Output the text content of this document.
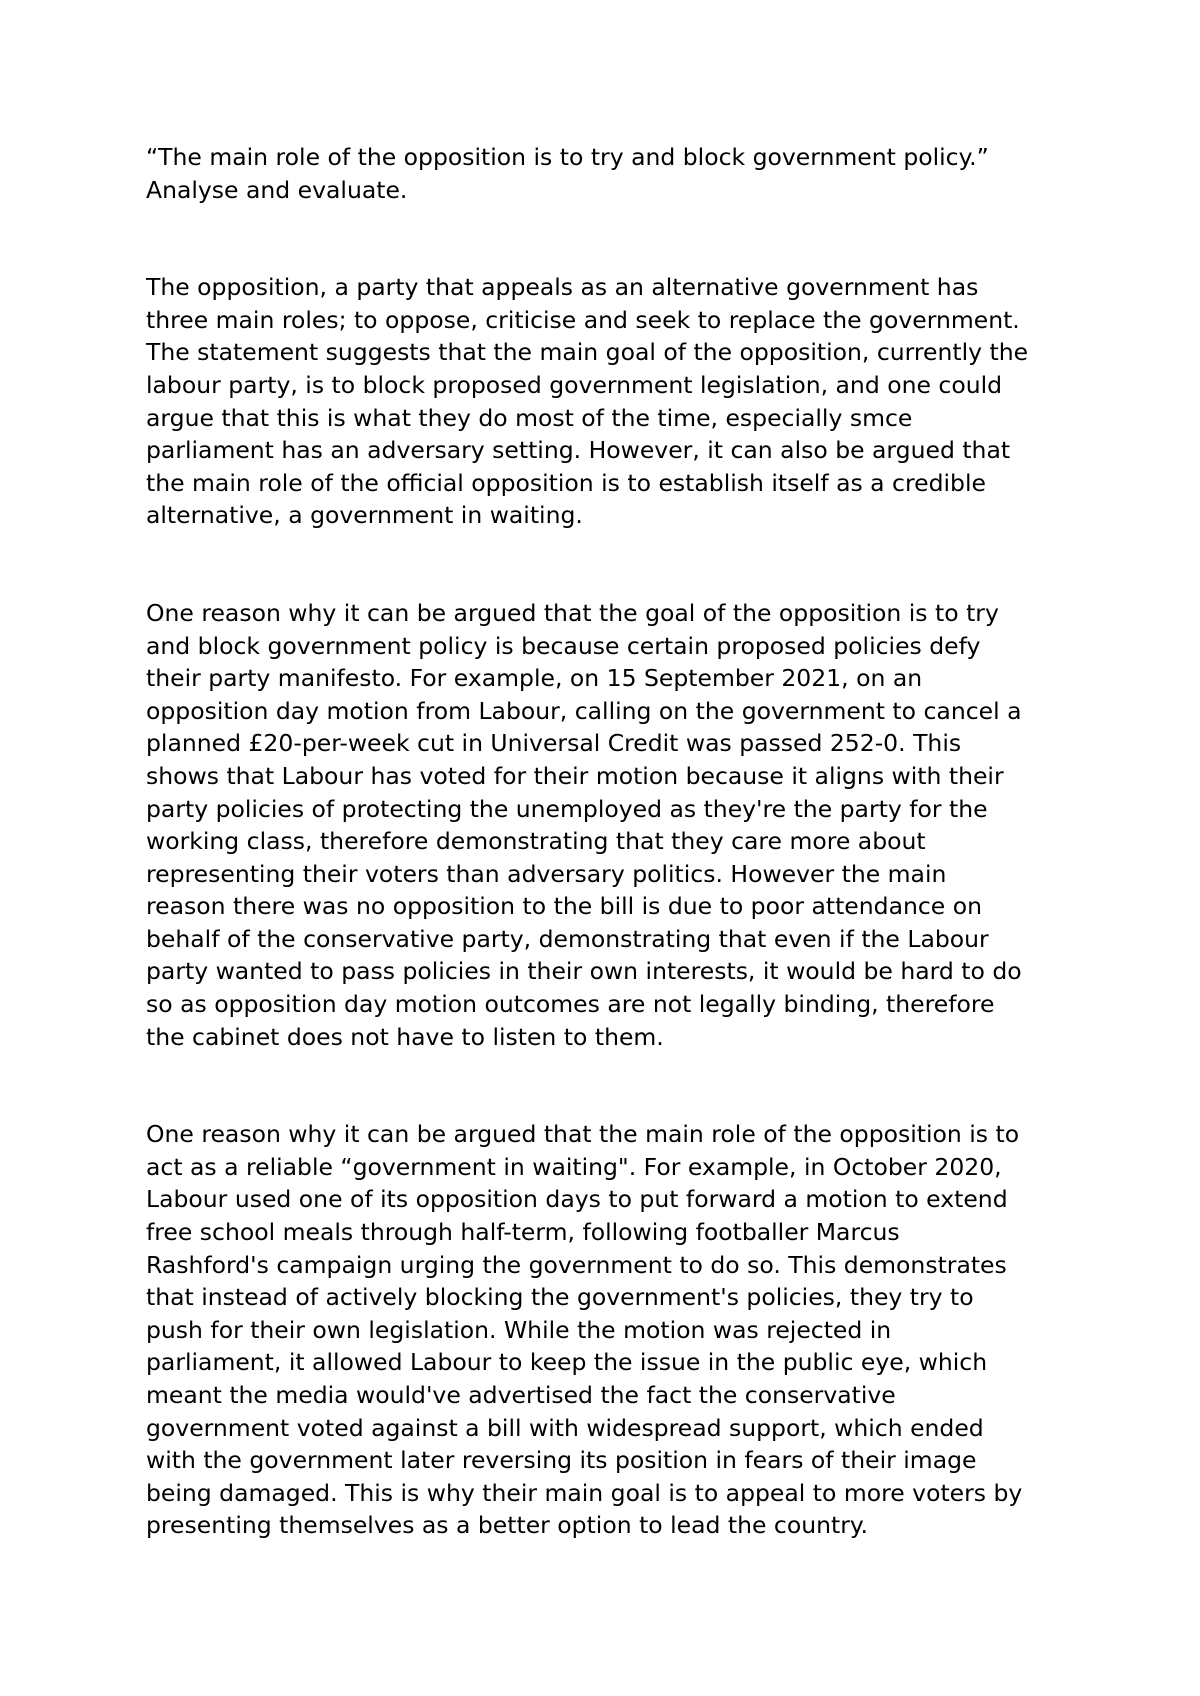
“The main role of the opposition is to try and block government policy.”
Analyse and evaluate.
The opposition, a party that appeals as an alternative government has
three main roles; to oppose, criticise and seek to replace the government.
The statement suggests that the main goal of the opposition, currently the
labour party, is to block proposed government legislation, and one could
argue that this is what they do most of the time, especially smce
parliament has an adversary setting. However, it can also be argued that
the main role of the official opposition is to establish itself as a credible
alternative, a government in waiting.
One reason why it can be argued that the goal of the opposition is to try
and block government policy is because certain proposed policies defy
their party manifesto. For example, on 15 September 2021, on an
opposition day motion from Labour, calling on the government to cancel a
planned £20-per-week cut in Universal Credit was passed 252-0. This
shows that Labour has voted for their motion because it aligns with their
party policies of protecting the unemployed as they're the party for the
working class, therefore demonstrating that they care more about
representing their voters than adversary politics. However the main
reason there was no opposition to the bill is due to poor attendance on
behalf of the conservative party, demonstrating that even if the Labour
party wanted to pass policies in their own interests, it would be hard to do
so as opposition day motion outcomes are not legally binding, therefore
the cabinet does not have to listen to them.
One reason why it can be argued that the main role of the opposition is to
act as a reliable “government in waiting". For example, in October 2020,
Labour used one of its opposition days to put forward a motion to extend
free school meals through half-term, following footballer Marcus
Rashford's campaign urging the government to do so. This demonstrates
that instead of actively blocking the government's policies, they try to
push for their own legislation. While the motion was rejected in
parliament, it allowed Labour to keep the issue in the public eye, which
meant the media would've advertised the fact the conservative
government voted against a bill with widespread support, which ended
with the government later reversing its position in fears of their image
being damaged. This is why their main goal is to appeal to more voters by
presenting themselves as a better option to lead the country.
